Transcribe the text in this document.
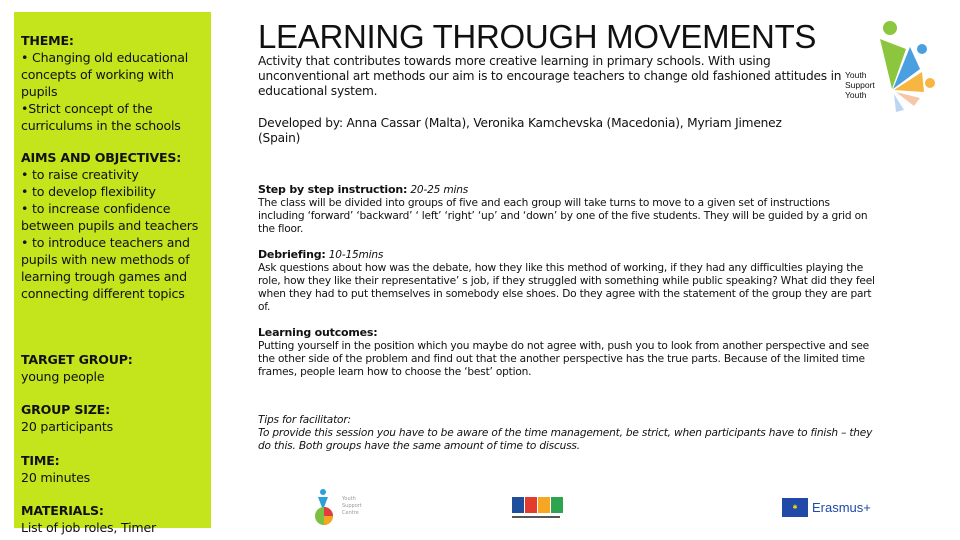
THEME:
• Changing old educational concepts of working with pupils
•Strict concept of the curriculums in the schools
AIMS AND OBJECTIVES:
• to raise creativity
• to develop flexibility
• to increase confidence between pupils and teachers
• to introduce teachers and pupils with new methods of learning trough games and connecting different topics
TARGET GROUP:
young people
GROUP SIZE:
20 participants
TIME:
20 minutes
MATERIALS:
List of job roles, Timer
LEARNING THROUGH MOVEMENTS
Activity that contributes towards more creative learning in primary schools. With using unconventional art methods our aim is to encourage teachers to change old fashioned attitudes in educational system.
Developed by: Anna Cassar (Malta), Veronika Kamchevska (Macedonia), Myriam Jimenez (Spain)
Step by step instruction: 20-25 mins
The class will be divided into groups of five and each group will take turns to move to a given set of instructions including ‘forward’ ‘backward’ ‘ left’ ‘right’ ‘up’ and ‘down’ by one of the five students. They will be guided by a grid on the floor.
Debriefing: 10-15mins
Ask questions about how was the debate, how they like this method of working, if they had any difficulties playing the role, how they like their representative’ s job, if they struggled with something while public speaking? What did they feel when they had to put themselves in somebody else shoes. Do they agree with the statement of the group they are part of.
Learning outcomes:
Putting yourself in the position which you maybe do not agree with, push you to look from another perspective and see the other side of the problem and find out that the another perspective has the true parts. Because of the limited time frames, people learn how to choose the ‘best’ option.
Tips for facilitator:
To provide this session you have to be aware of the time management, be strict, when participants have to finish – they do this. Both groups have the same amount of time to discuss.
Youth
Support
Youth
Youth Support Centre
✱	Erasmus+
